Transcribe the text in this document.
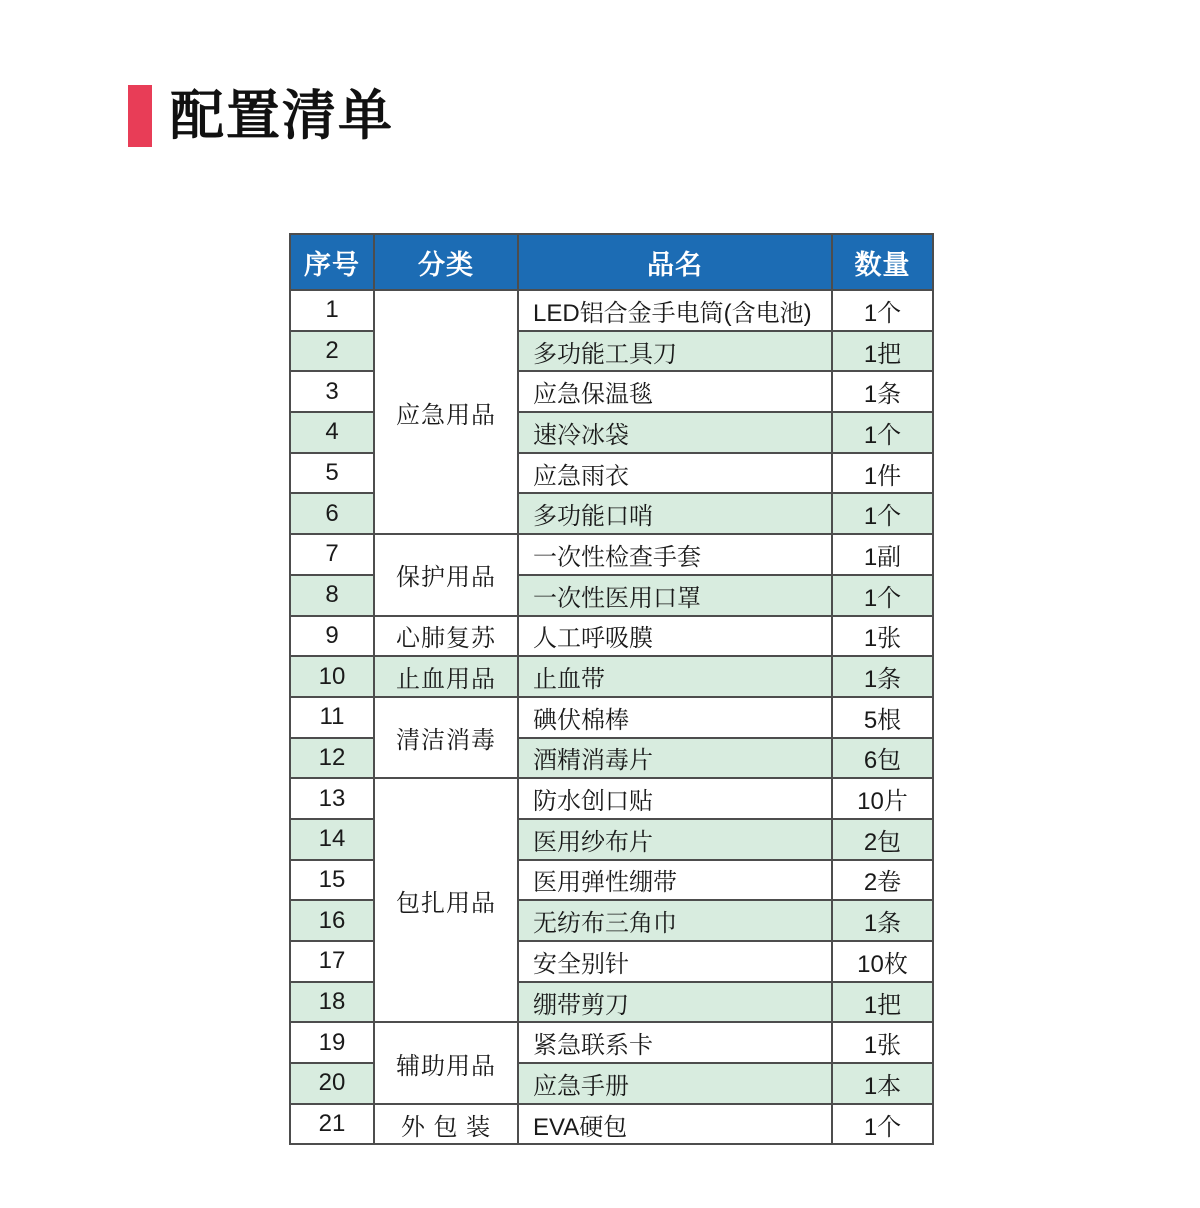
配置清单
序号	分类	品名	数量
1	应急用品	LED铝合金手电筒(含电池)	1个
2		多功能工具刀	1把
3		应急保温毯	1条
4		速冷冰袋	1个
5		应急雨衣	1件
6		多功能口哨	1个
7	保护用品	一次性检查手套	1副
8		一次性医用口罩	1个
9	心肺复苏	人工呼吸膜	1张
10	止血用品	止血带	1条
11	清洁消毒	碘伏棉棒	5根
12		酒精消毒片	6包
13	包扎用品	防水创口贴	10片
14		医用纱布片	2包
15		医用弹性绷带	2卷
16		无纺布三角巾	1条
17		安全别针	10枚
18		绷带剪刀	1把
19	辅助用品	紧急联系卡	1张
20		应急手册	1本
21	外 包 装	EVA硬包	1个
